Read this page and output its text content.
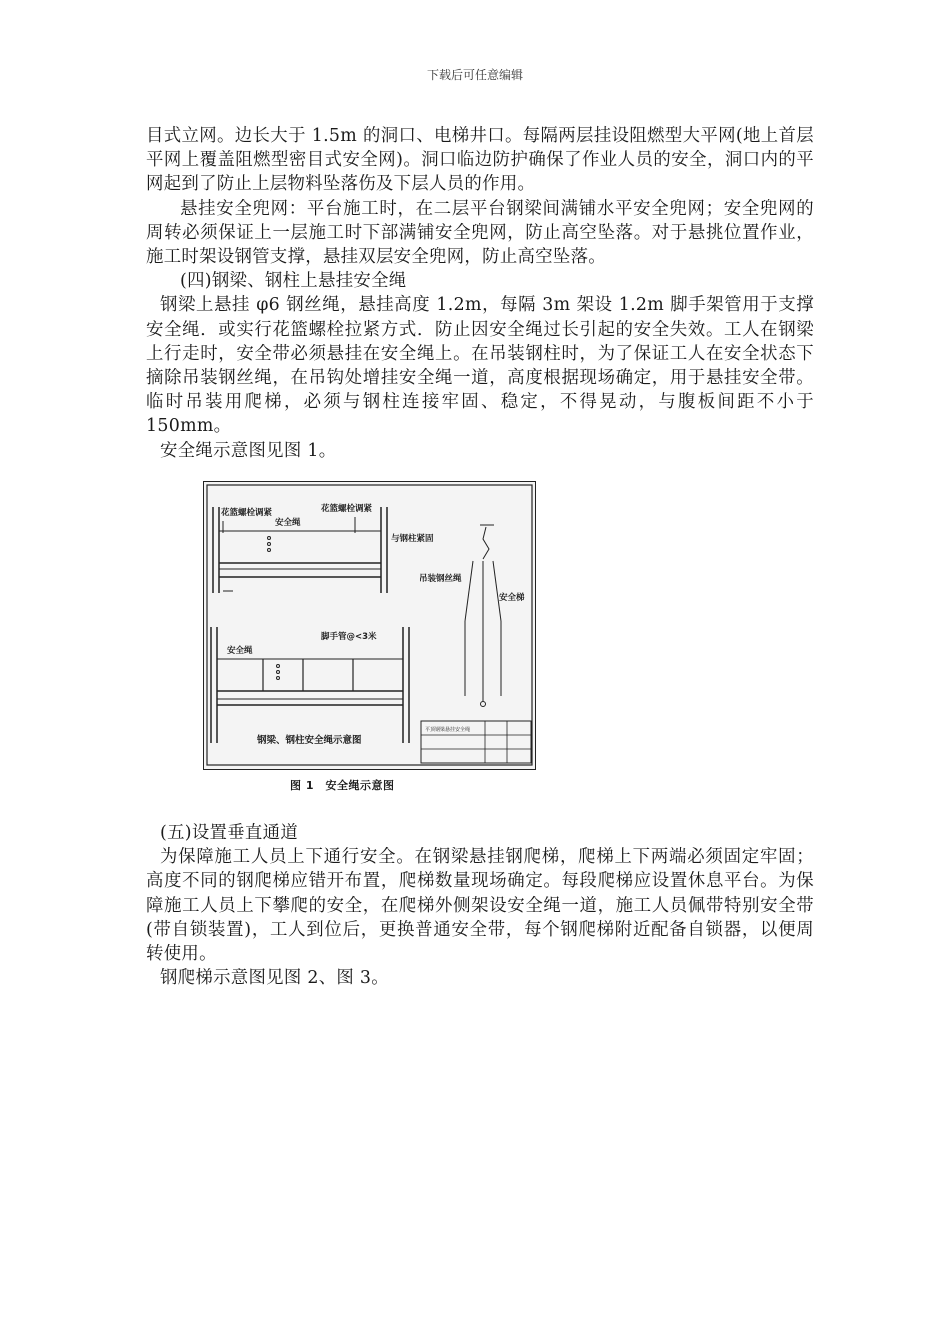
下载后可任意编辑

目式立网。边长大于 1.5m 的洞口、电梯井口。每隔两层挂设阻燃型大平网(地上首层平网上覆盖阻燃型密目式安全网)。洞口临边防护确保了作业人员的安全，洞口内的平网起到了防止上层物料坠落伤及下层人员的作用。

悬挂安全兜网：平台施工时，在二层平台钢梁间满铺水平安全兜网；安全兜网的周转必须保证上一层施工时下部满铺安全兜网，防止高空坠落。对于悬挑位置作业，施工时架设钢管支撑，悬挂双层安全兜网，防止高空坠落。

(四)钢梁、钢柱上悬挂安全绳

钢梁上悬挂 φ6 钢丝绳，悬挂高度 1.2m，每隔 3m 架设 1.2m 脚手架管用于支撑安全绳．或实行花篮螺栓拉紧方式．防止因安全绳过长引起的安全失效。工人在钢梁上行走时，安全带必须悬挂在安全绳上。在吊装钢柱时，为了保证工人在安全状态下摘除吊装钢丝绳，在吊钩处增挂安全绳一道，高度根据现场确定，用于悬挂安全带。临时吊装用爬梯，必须与钢柱连接牢固、稳定，不得晃动，与腹板间距不小于 150mm。

安全绳示意图见图 1。

花篮螺栓调紧	花篮螺栓调紧
安全绳
与钢柱紧固
吊装钢丝绳
安全梯
安全绳
脚手管@<3米
钢梁、钢柱安全绳示意图
平顶钢梁悬挂安全绳
图 1　安全绳示意图

(五)设置垂直通道

为保障施工人员上下通行安全。在钢梁悬挂钢爬梯，爬梯上下两端必须固定牢固；高度不同的钢爬梯应错开布置，爬梯数量现场确定。每段爬梯应设置休息平台。为保障施工人员上下攀爬的安全，在爬梯外侧架设安全绳一道，施工人员佩带特别安全带(带自锁装置)，工人到位后，更换普通安全带，每个钢爬梯附近配备自锁器，以便周转使用。

钢爬梯示意图见图 2、图 3。
